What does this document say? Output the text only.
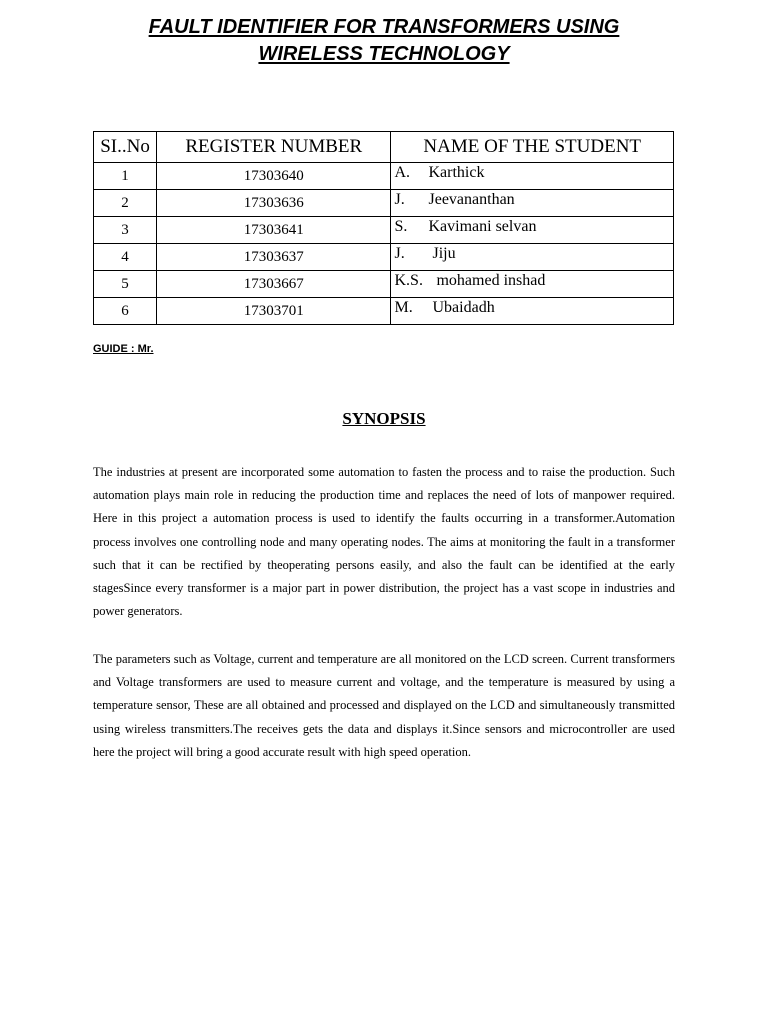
FAULT IDENTIFIER FOR TRANSFORMERS USING
WIRELESS TECHNOLOGY
SI..No	REGISTER NUMBER	NAME OF THE STUDENT
1	17303640	A. Karthick
2	17303636	J. Jeevananthan
3	17303641	S. Kavimani selvan
4	17303637	J. Jiju
5	17303667	K.S. mohamed inshad
6	17303701	M. Ubaidadh
GUIDE : Mr.
SYNOPSIS

The industries at present are incorporated some automation to fasten the process and to raise the production. Such automation plays main role in reducing the production time and replaces the need of lots of manpower required. Here in this project a automation process is used to identify the faults occurring in a transformer.Automation process involves one controlling node and many operating nodes. The aims at monitoring the fault in a transformer such that it can be rectified by theoperating persons easily, and also the fault can be identified at the early stagesSince every transformer is a major part in power distribution, the project has a vast scope in industries and power generators.

The parameters such as Voltage, current and temperature are all monitored on the LCD screen. Current transformers and Voltage transformers are used to measure current and voltage, and the temperature is measured by using a temperature sensor, These are all obtained and processed and displayed on the LCD and simultaneously transmitted using wireless transmitters.The receives gets the data and displays it.Since sensors and microcontroller are used here the project will bring a good accurate result with high speed operation.
